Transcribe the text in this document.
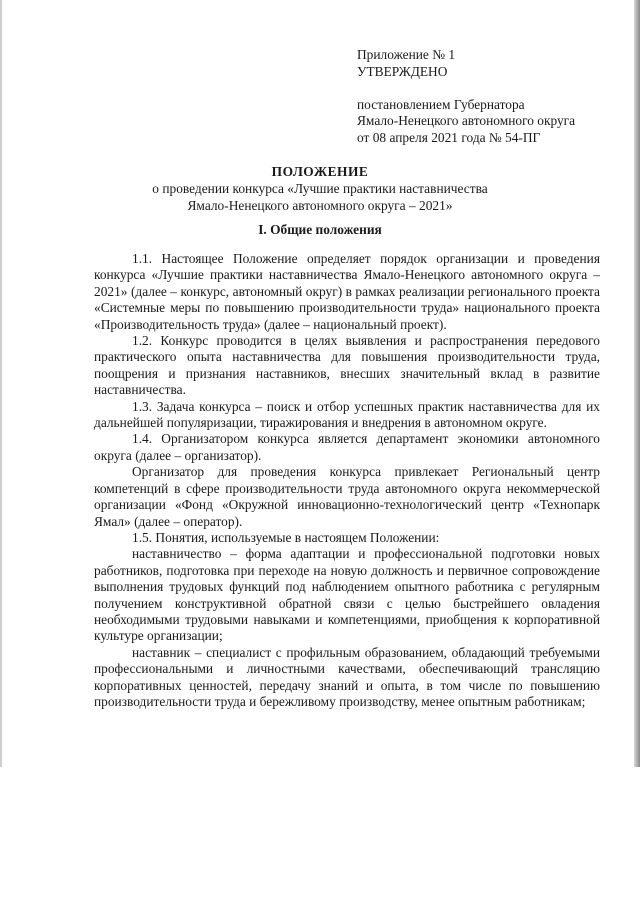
Приложение № 1
УТВЕРЖДЕНО
постановлением Губернатора
Ямало-Ненецкого автономного округа
от 08 апреля 2021 года № 54-ПГ
ПОЛОЖЕНИЕ
о проведении конкурса «Лучшие практики наставничества
Ямало-Ненецкого автономного округа – 2021»
I. Общие положения

1.1. Настоящее Положение определяет порядок организации и проведения конкурса «Лучшие практики наставничества Ямало-Ненецкого автономного округа – 2021» (далее – конкурс, автономный округ) в рамках реализации регионального проекта «Системные меры по повышению производительности труда» национального проекта «Производительность труда» (далее – национальный проект).

1.2. Конкурс проводится в целях выявления и распространения передового практического опыта наставничества для повышения производительности труда, поощрения и признания наставников, внесших значительный вклад в развитие наставничества.

1.3. Задача конкурса – поиск и отбор успешных практик наставничества для их дальнейшей популяризации, тиражирования и внедрения в автономном округе.

1.4. Организатором конкурса является департамент экономики автономного округа (далее – организатор).

Организатор для проведения конкурса привлекает Региональный центр компетенций в сфере производительности труда автономного округа некоммерческой организации «Фонд «Окружной инновационно-технологический центр «Технопарк Ямал» (далее – оператор).

1.5. Понятия, используемые в настоящем Положении:

наставничество – форма адаптации и профессиональной подготовки новых работников, подготовка при переходе на новую должность и первичное сопровождение выполнения трудовых функций под наблюдением опытного работника с регулярным получением конструктивной обратной связи с целью быстрейшего овладения необходимыми трудовыми навыками и компетенциями, приобщения к корпоративной культуре организации;

наставник – специалист с профильным образованием, обладающий требуемыми профессиональными и личностными качествами, обеспечивающий трансляцию корпоративных ценностей, передачу знаний и опыта, в том числе по повышению производительности труда и бережливому производству, менее опытным работникам;
